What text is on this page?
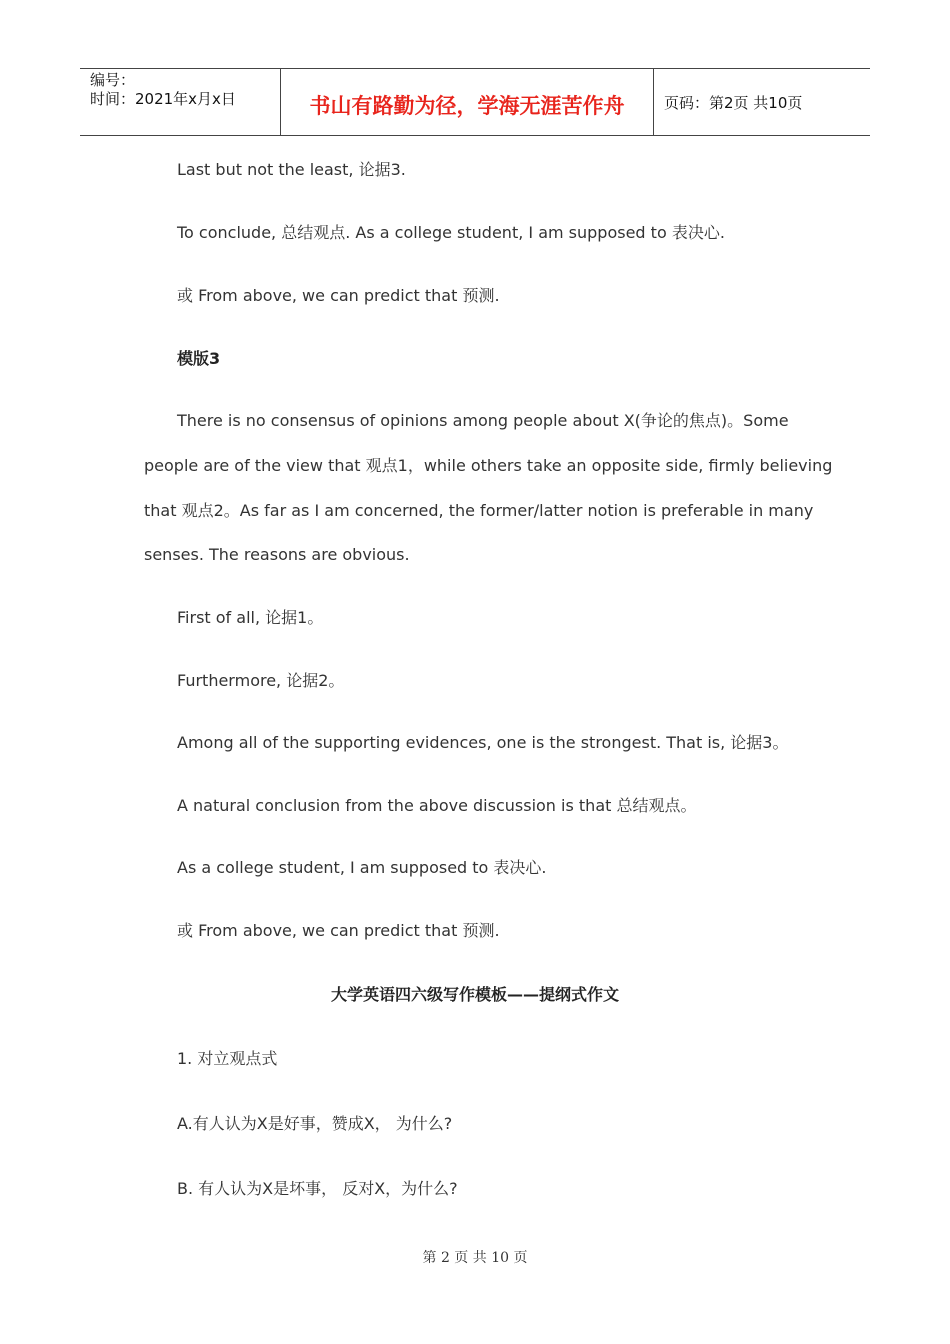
编号：
时间：2021年x月x日	书山有路勤为径，学海无涯苦作舟	页码：第2页 共10页
Last but not the least, 论据3.
To conclude, 总结观点. As a college student, I am supposed to 表决心.
或 From above, we can predict that 预测.
模版3
There is no consensus of opinions among people about X(争论的焦点)。Some
people are of the view that 观点1，while others take an opposite side, firmly believing
that 观点2。As far as I am concerned, the former/latter notion is preferable in many
senses. The reasons are obvious.
First of all, 论据1。
Furthermore, 论据2。
Among all of the supporting evidences, one is the strongest. That is, 论据3。
A natural conclusion from the above discussion is that 总结观点。
As a college student, I am supposed to 表决心.
或 From above, we can predict that 预测.
大学英语四六级写作模板——提纲式作文
1. 对立观点式
A.有人认为X是好事，赞成X， 为什么?
B. 有人认为X是坏事， 反对X，为什么?
第 2 页 共 10 页
